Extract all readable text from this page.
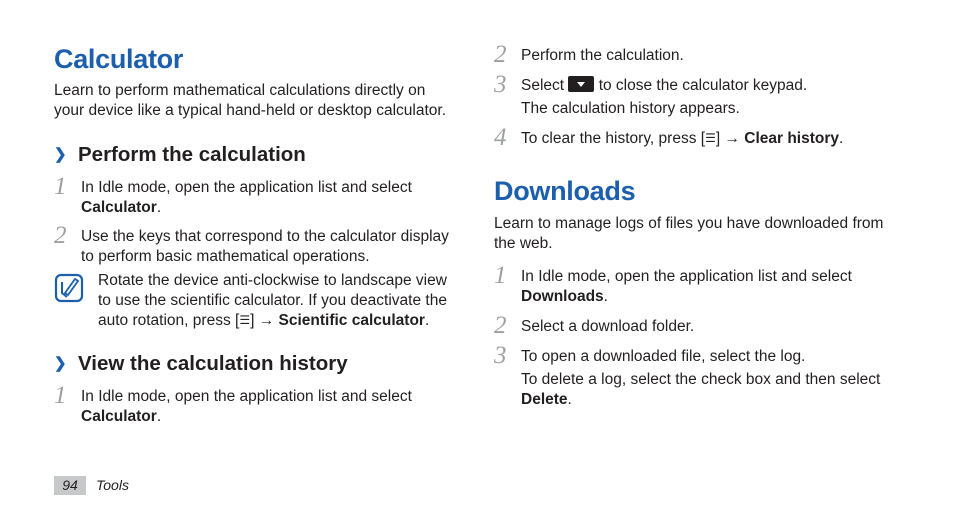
Calculator
Learn to perform mathematical calculations directly on your device like a typical hand-held or desktop calculator.
❯ Perform the calculation
1 In Idle mode, open the application list and select Calculator.
2 Use the keys that correspond to the calculator display to perform basic mathematical operations.
Rotate the device anti-clockwise to landscape view to use the scientific calculator. If you deactivate the auto rotation, press [☰] → Scientific calculator.
❯ View the calculation history
1 In Idle mode, open the application list and select Calculator.
2 Perform the calculation.
3 Select  to close the calculator keypad.
The calculation history appears.
4 To clear the history, press [☰] → Clear history.
Downloads
Learn to manage logs of files you have downloaded from the web.
1 In Idle mode, open the application list and select Downloads.
2 Select a download folder.
3 To open a downloaded file, select the log.
To delete a log, select the check box and then select Delete.
94	Tools
